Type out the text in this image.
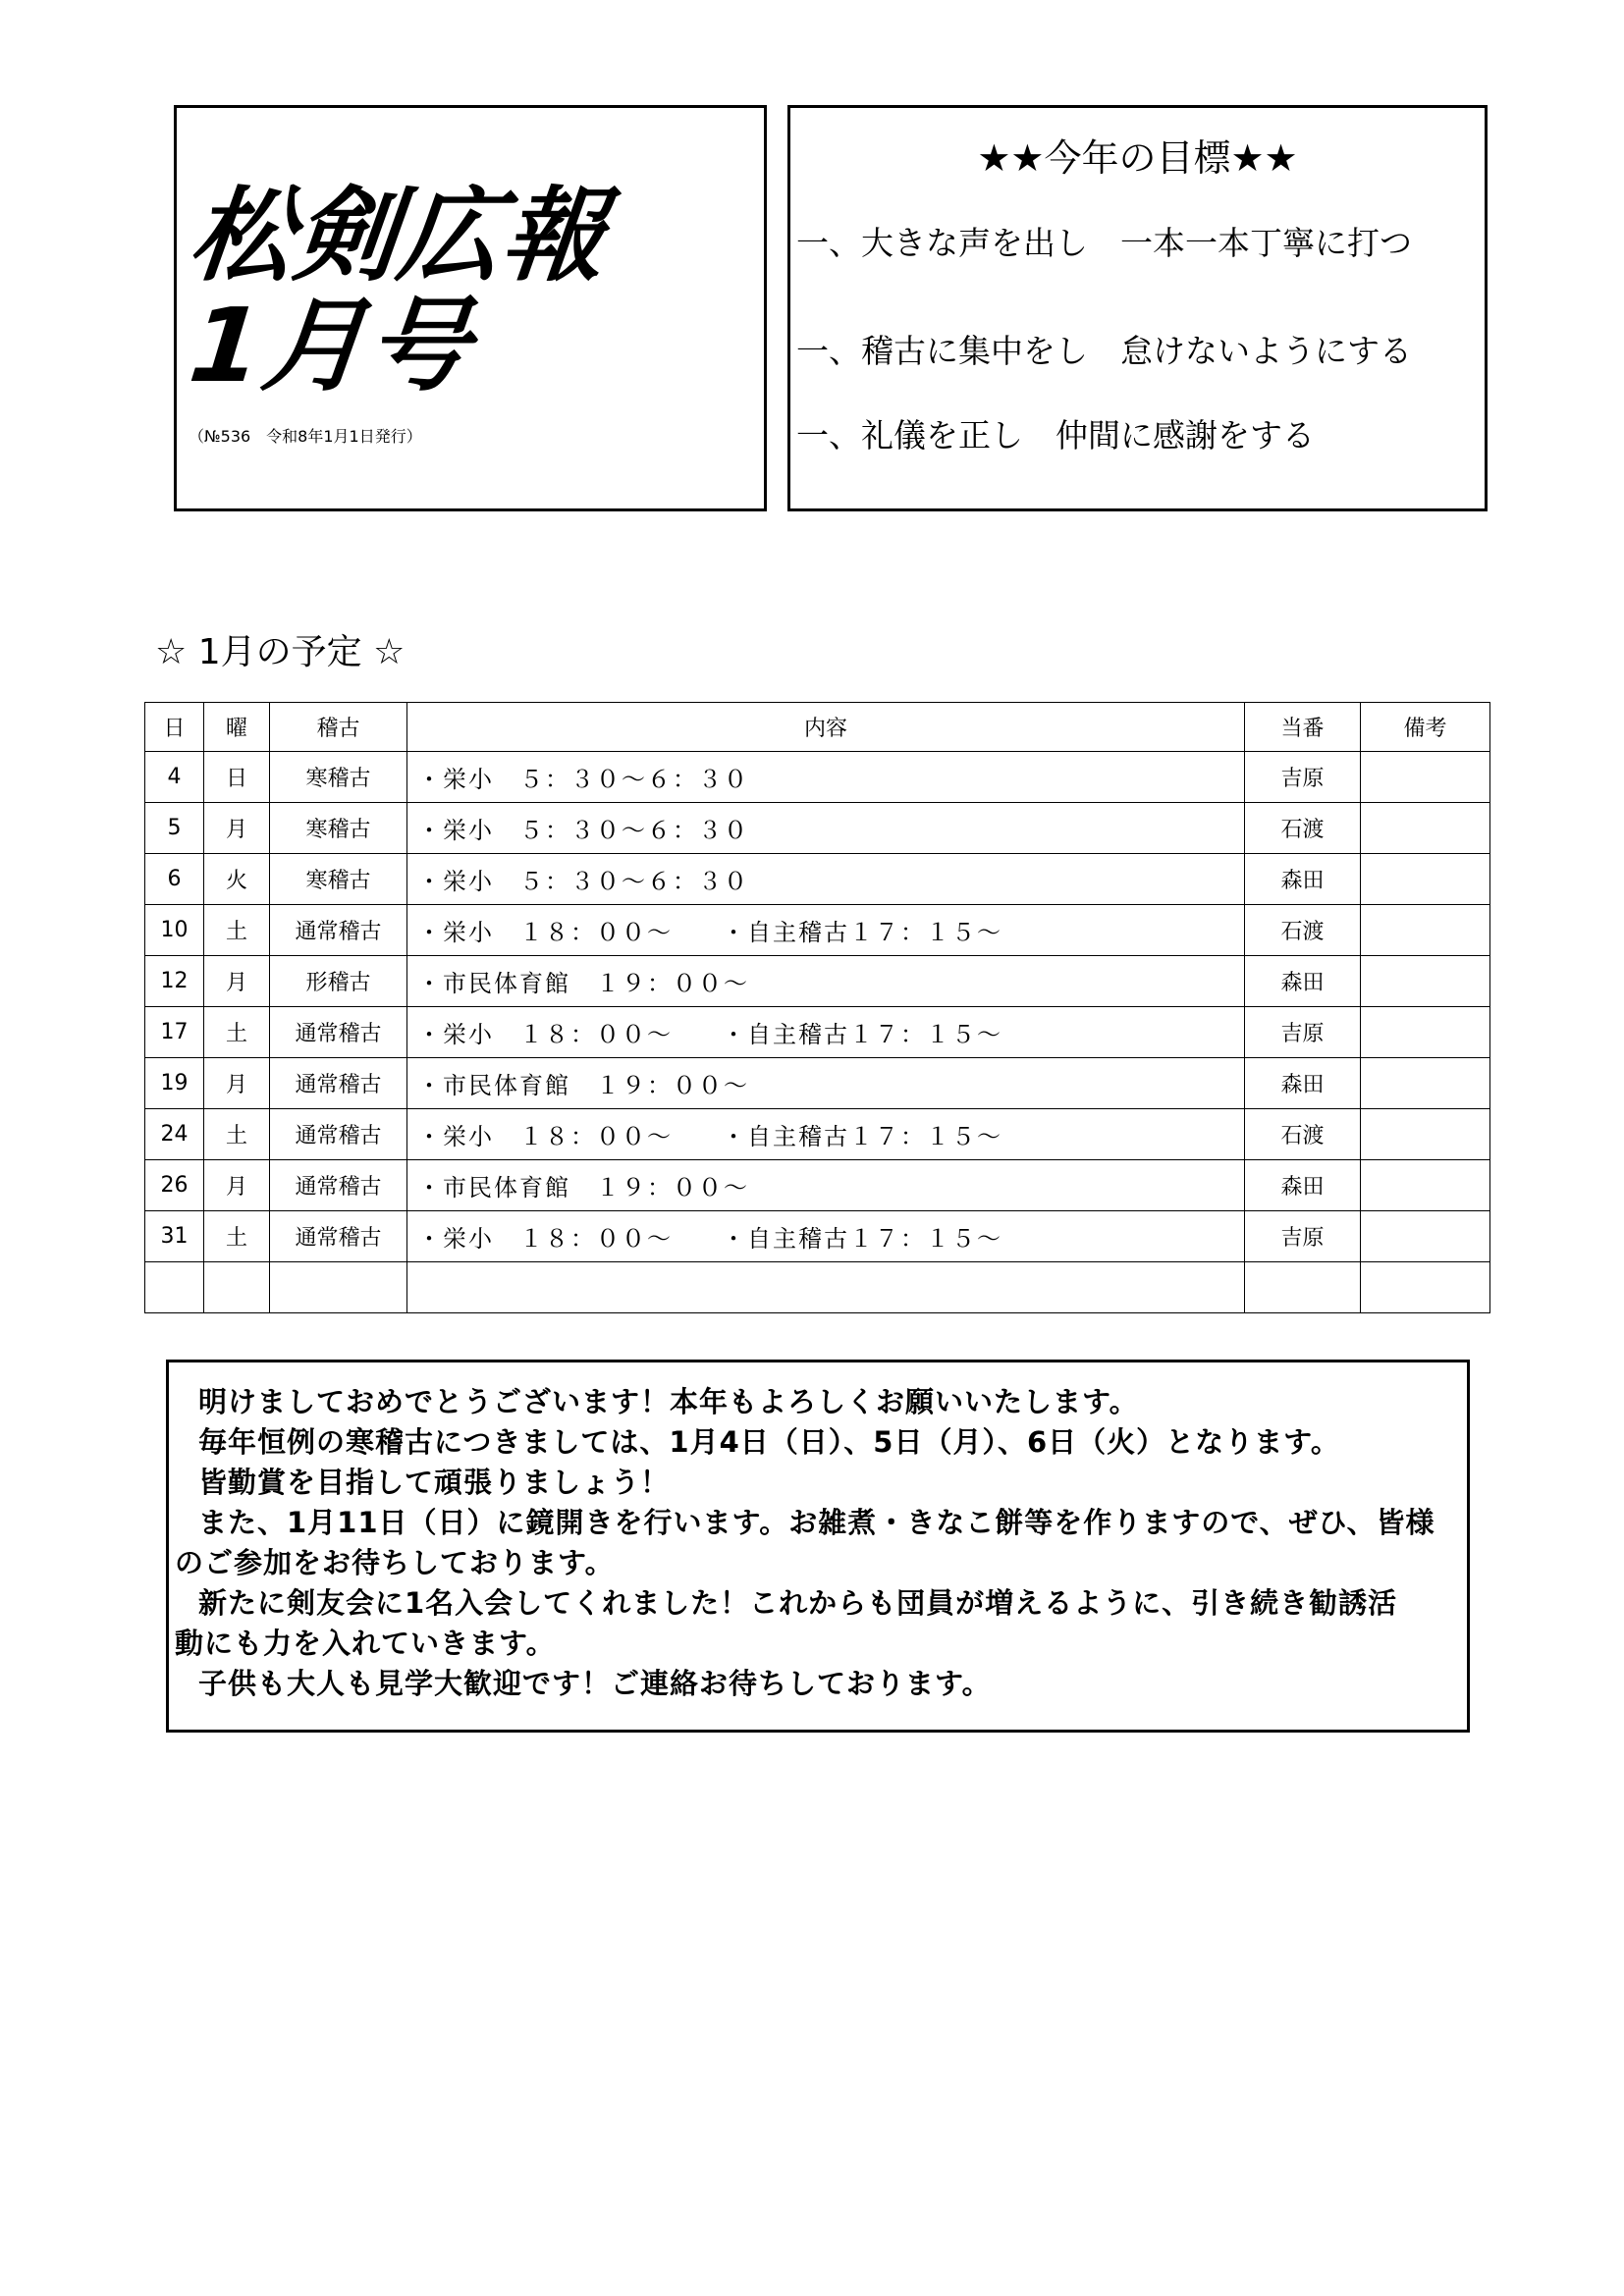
松剣広報
1月号
（№536　令和8年1月1日発行）
★★今年の目標★★
一、大きな声を出し　一本一本丁寧に打つ
一、稽古に集中をし　怠けないようにする
一、礼儀を正し　仲間に感謝をする
☆ 1月の予定 ☆
日	曜	稽古	内容	当番	備考
4	日	寒稽古	・栄小　５：３０～６：３０	吉原	
5	月	寒稽古	・栄小　５：３０～６：３０	石渡	
6	火	寒稽古	・栄小　５：３０～６：３０	森田	
10	土	通常稽古	・栄小　１８：００～ ・自主稽古１７：１５～	石渡	
12	月	形稽古	・市民体育館　１９：００～	森田	
17	土	通常稽古	・栄小　１８：００～ ・自主稽古１７：１５～	吉原	
19	月	通常稽古	・市民体育館　１９：００～	森田	
24	土	通常稽古	・栄小　１８：００～ ・自主稽古１７：１５～	石渡	
26	月	通常稽古	・市民体育館　１９：００～	森田	
31	土	通常稽古	・栄小　１８：００～ ・自主稽古１７：１５～	吉原	

明けましておめでとうございます！本年もよろしくお願いいたします。
毎年恒例の寒稽古につきましては、1月4日（日）、5日（月）、6日（火）となります。
皆勤賞を目指して頑張りましょう！
また、1月11日（日）に鏡開きを行います。お雑煮・きなこ餅等を作りますので、ぜひ、皆様
のご参加をお待ちしております。
新たに剣友会に1名入会してくれました！これからも団員が増えるように、引き続き勧誘活
動にも力を入れていきます。
子供も大人も見学大歓迎です！ご連絡お待ちしております。
